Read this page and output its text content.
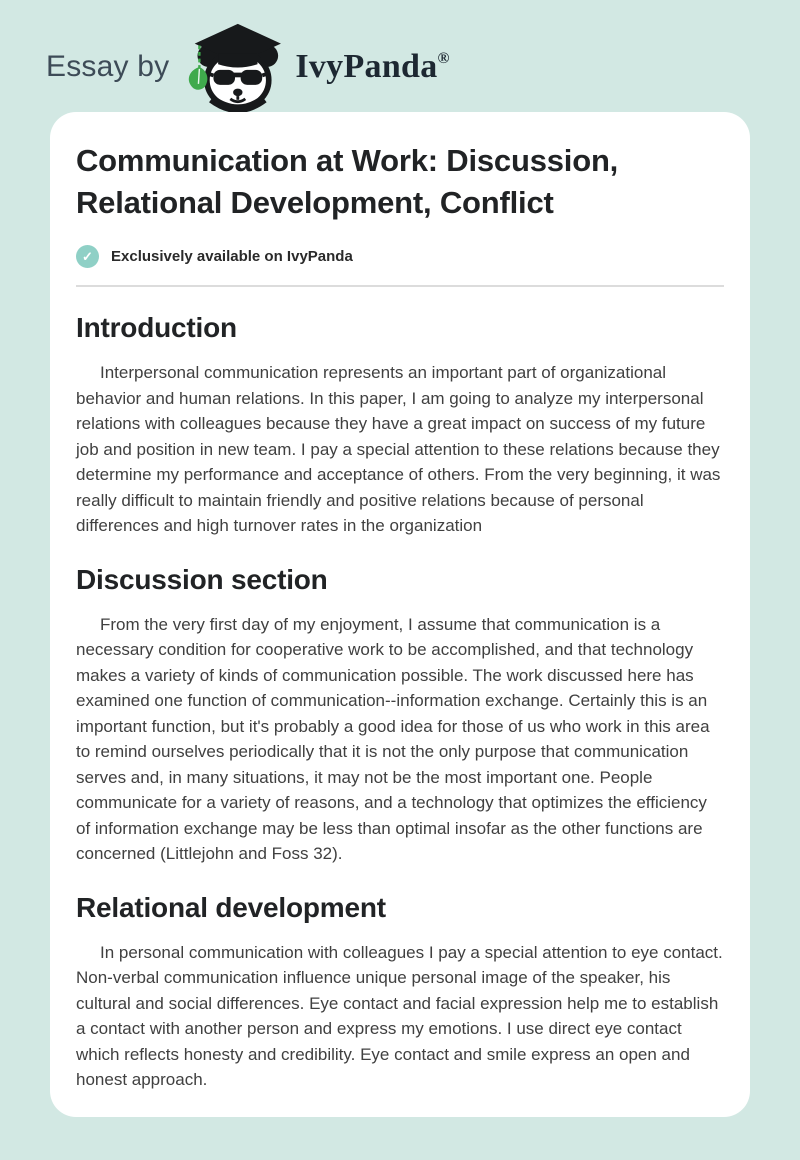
Essay by	IvyPanda®
Communication at Work: Discussion, Relational Development, Conflict
✓	Exclusively available on IvyPanda
Introduction

Interpersonal communication represents an important part of organizational behavior and human relations. In this paper, I am going to analyze my interpersonal relations with colleagues because they have a great impact on success of my future job and position in new team. I pay a special attention to these relations because they determine my performance and acceptance of others. From the very beginning, it was really difficult to maintain friendly and positive relations because of personal differences and high turnover rates in the organization

Discussion section

From the very first day of my enjoyment, I assume that communication is a necessary condition for cooperative work to be accomplished, and that technology makes a variety of kinds of communication possible. The work discussed here has examined one function of communication--information exchange. Certainly this is an important function, but it's probably a good idea for those of us who work in this area to remind ourselves periodically that it is not the only purpose that communication serves and, in many situations, it may not be the most important one. People communicate for a variety of reasons, and a technology that optimizes the efficiency of information exchange may be less than optimal insofar as the other functions are concerned (Littlejohn and Foss 32).

Relational development

In personal communication with colleagues I pay a special attention to eye contact. Non-verbal communication influence unique personal image of the speaker, his cultural and social differences. Eye contact and facial expression help me to establish a contact with another person and express my emotions. I use direct eye contact which reflects honesty and credibility. Eye contact and smile express an open and honest approach.
